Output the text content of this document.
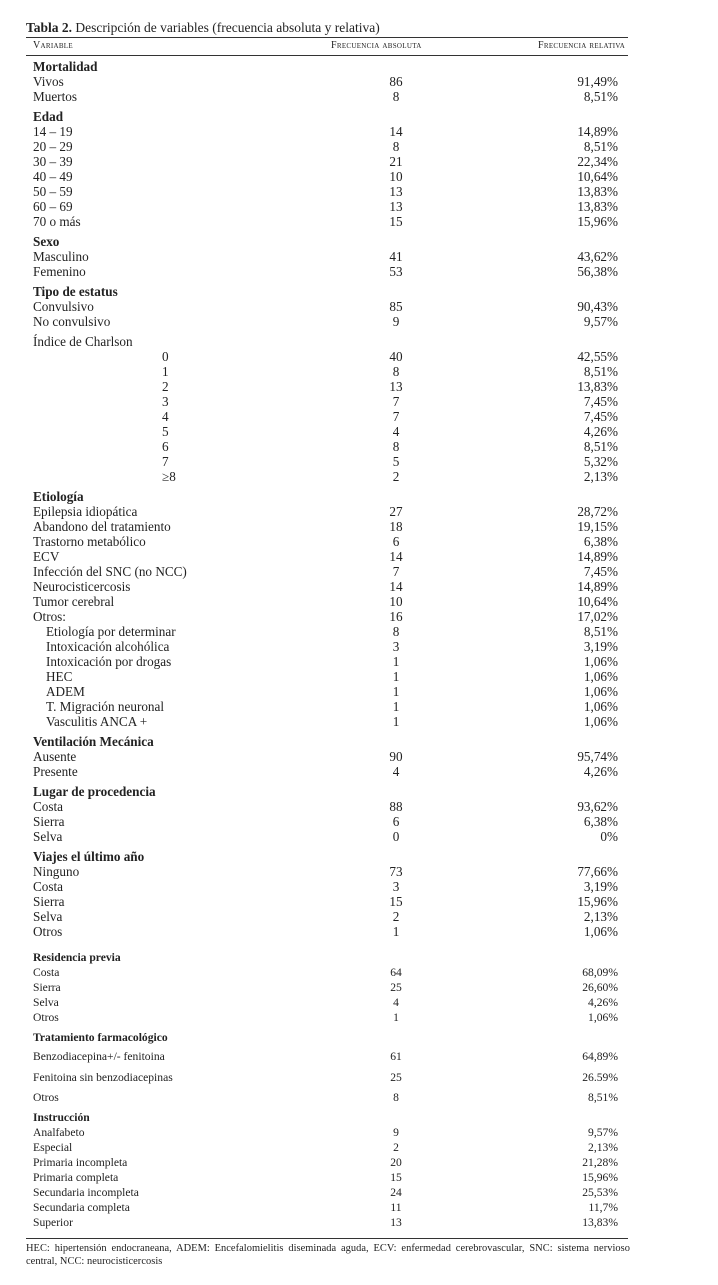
Tabla 2. Descripción de variables (frecuencia absoluta y relativa)
Variable	Frecuencia absoluta	Frecuencia relativa
Mortalidad
Vivos	86	91,49%
Muertos	8	8,51%
Edad
14 – 19	14	14,89%
20 – 29	8	8,51%
30 – 39	21	22,34%
40 – 49	10	10,64%
50 – 59	13	13,83%
60 – 69	13	13,83%
70 o más	15	15,96%
Sexo
Masculino	41	43,62%
Femenino	53	56,38%
Tipo de estatus
Convulsivo	85	90,43%
No convulsivo	9	9,57%
Índice de Charlson
0	40	42,55%
1	8	8,51%
2	13	13,83%
3	7	7,45%
4	7	7,45%
5	4	4,26%
6	8	8,51%
7	5	5,32%
≥8	2	2,13%
Etiología
Epilepsia idiopática	27	28,72%
Abandono del tratamiento	18	19,15%
Trastorno metabólico	6	6,38%
ECV	14	14,89%
Infección del SNC (no NCC)	7	7,45%
Neurocisticercosis	14	14,89%
Tumor cerebral	10	10,64%
Otros:	16	17,02%
Etiología por determinar	8	8,51%
Intoxicación alcohólica	3	3,19%
Intoxicación por drogas	1	1,06%
HEC	1	1,06%
ADEM	1	1,06%
T. Migración neuronal	1	1,06%
Vasculitis ANCA +	1	1,06%
Ventilación Mecánica
Ausente	90	95,74%
Presente	4	4,26%
Lugar de procedencia
Costa	88	93,62%
Sierra	6	6,38%
Selva	0	0%
Viajes el último año
Ninguno	73	77,66%
Costa	3	3,19%
Sierra	15	15,96%
Selva	2	2,13%
Otros	1	1,06%
Residencia previa
Costa	64	68,09%
Sierra	25	26,60%
Selva	4	4,26%
Otros	1	1,06%
Tratamiento farmacológico
Benzodiacepina+/- fenitoina	61	64,89%
Fenitoina sin benzodiacepinas	25	26.59%
Otros	8	8,51%
Instrucción
Analfabeto	9	9,57%
Especial	2	2,13%
Primaria incompleta	20	21,28%
Primaria completa	15	15,96%
Secundaria incompleta	24	25,53%
Secundaria completa	11	11,7%
Superior	13	13,83%
HEC: hipertensión endocraneana, ADEM: Encefalomielitis diseminada aguda, ECV: enfermedad cerebrovascular, SNC: sistema nervioso central, NCC: neurocisticercosis
